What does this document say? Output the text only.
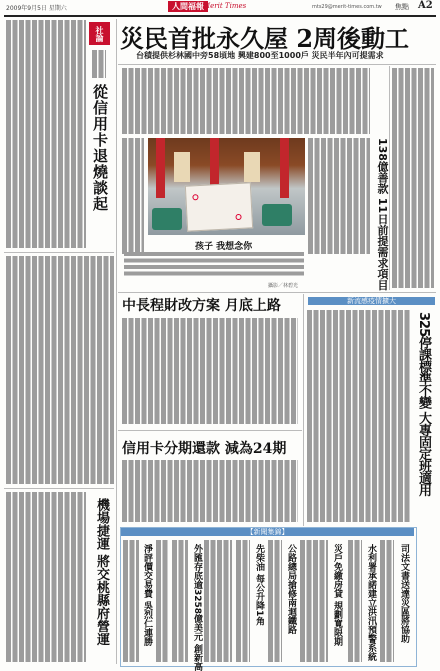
2009年9月5日 星期六	人間福報 Merit Times	mts29@merit-times.com.tw 焦點 A2
社論
從信用卡退燒談起
機場捷運 將交桃縣府營運
災民首批永久屋 2周後動工
台積提供杉林國中旁58頃地 興建800至1000戶 災民半年內可提需求
孩子 我想念你
攝影／林碧光	138億善款 11日前提需求項目
中長程財改方案 月底上路
信用卡分期還款 減為24期
新流感疫情擴大
325停課標準不變 大專固定班適用
【新聞集錦】
司法文書送達災區將協助
水利署承諾建立洪汛預警系統
災戶免繳房貸 規劃寬限期
公路總局搶修南迴鐵路
先柴油 每公升降1角
外匯存底逾3258億美元 創新高
淨評價交易費 吳烈仁連勝
